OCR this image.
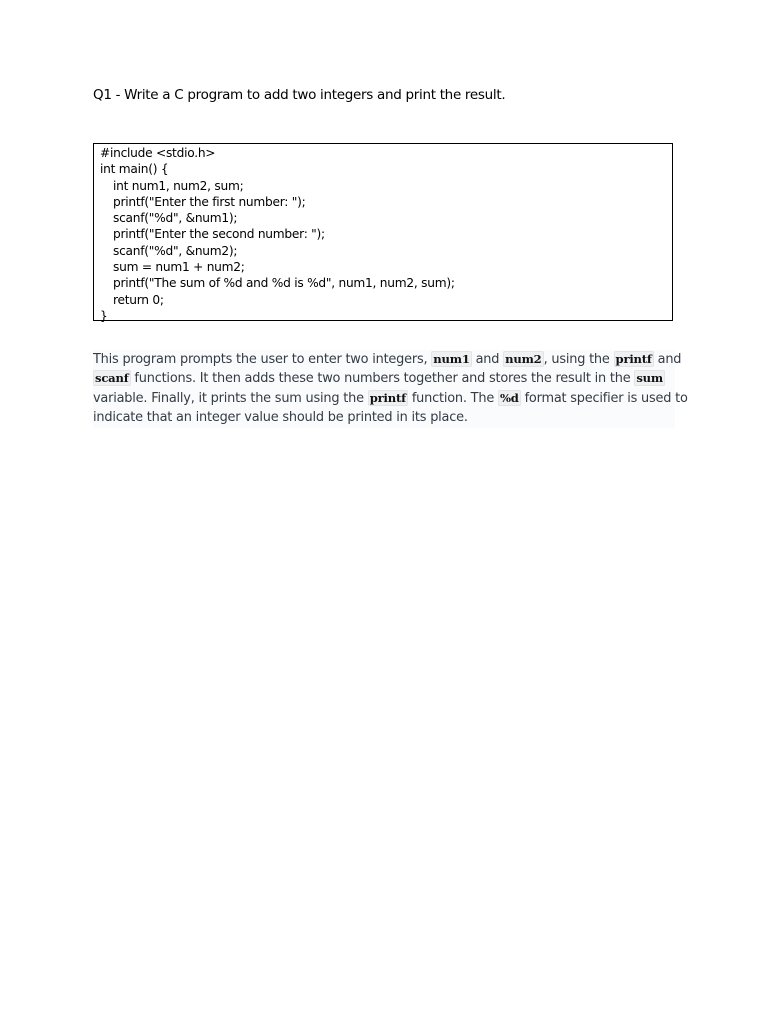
Q1 - Write a C program to add two integers and print the result.
#include <stdio.h>
int main() {
int num1, num2, sum;
printf("Enter the first number: ");
scanf("%d", &num1);
printf("Enter the second number: ");
scanf("%d", &num2);
sum = num1 + num2;
printf("The sum of %d and %d is %d", num1, num2, sum);
return 0;
}
This program prompts the user to enter two integers, num1 and num2 , using the printf and
scanf functions. It then adds these two numbers together and stores the result in the sum
variable. Finally, it prints the sum using the printf function. The %d format specifier is used to
indicate that an integer value should be printed in its place.
